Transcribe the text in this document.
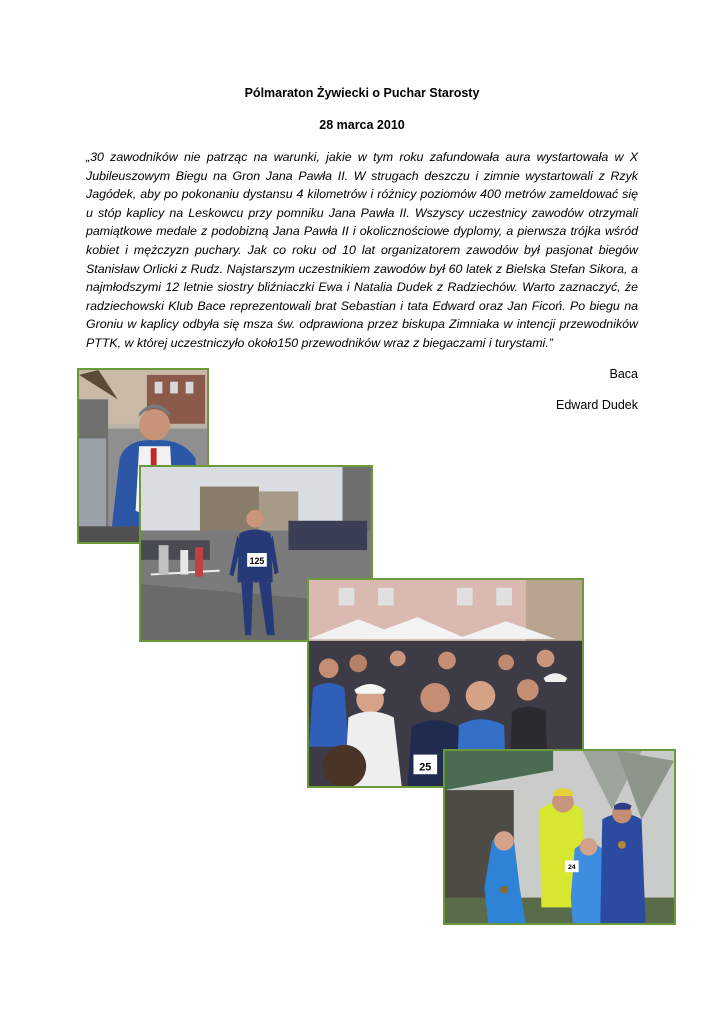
Pólmaraton Żywiecki o Puchar Starosty
28 marca 2010

„30 zawodników nie patrząc na warunki, jakie w tym roku zafundowała aura wystartowała w X Jubileuszowym Biegu na Gron Jana Pawła II. W strugach deszczu i zimnie wystartowali z Rzyk Jagódek, aby po pokonaniu dystansu 4 kilometrów i różnicy poziomów 400 metrów zameldować się u stóp kaplicy na Leskowcu przy pomniku Jana Pawła II. Wszyscy uczestnicy zawodów otrzymali pamiątkowe medale z podobizną Jana Pawła II i okolicznościowe dyplomy, a pierwsza trójka wśród kobiet i mężczyzn puchary. Jak co roku od 10 lat organizatorem zawodów był pasjonat biegów Stanisław Orlicki z Rudz. Najstarszym uczestnikiem zawodów był 60 latek z Bielska Stefan Sikora, a najmłodszymi 12 letnie siostry bliźniaczki Ewa i Natalia Dudek z Radziechów. Warto zaznaczyć, że radziechowski Klub Bace reprezentowali brat Sebastian i tata Edward oraz Jan Ficoń. Po biegu na Groniu w kaplicy odbyła się msza św. odprawiona przez biskupa Zimniaka w intencji przewodników PTTK, w której uczestniczyło około150 przewodników wraz z biegaczami i turystami.”

Baca
Edward Dudek
125
25
24
